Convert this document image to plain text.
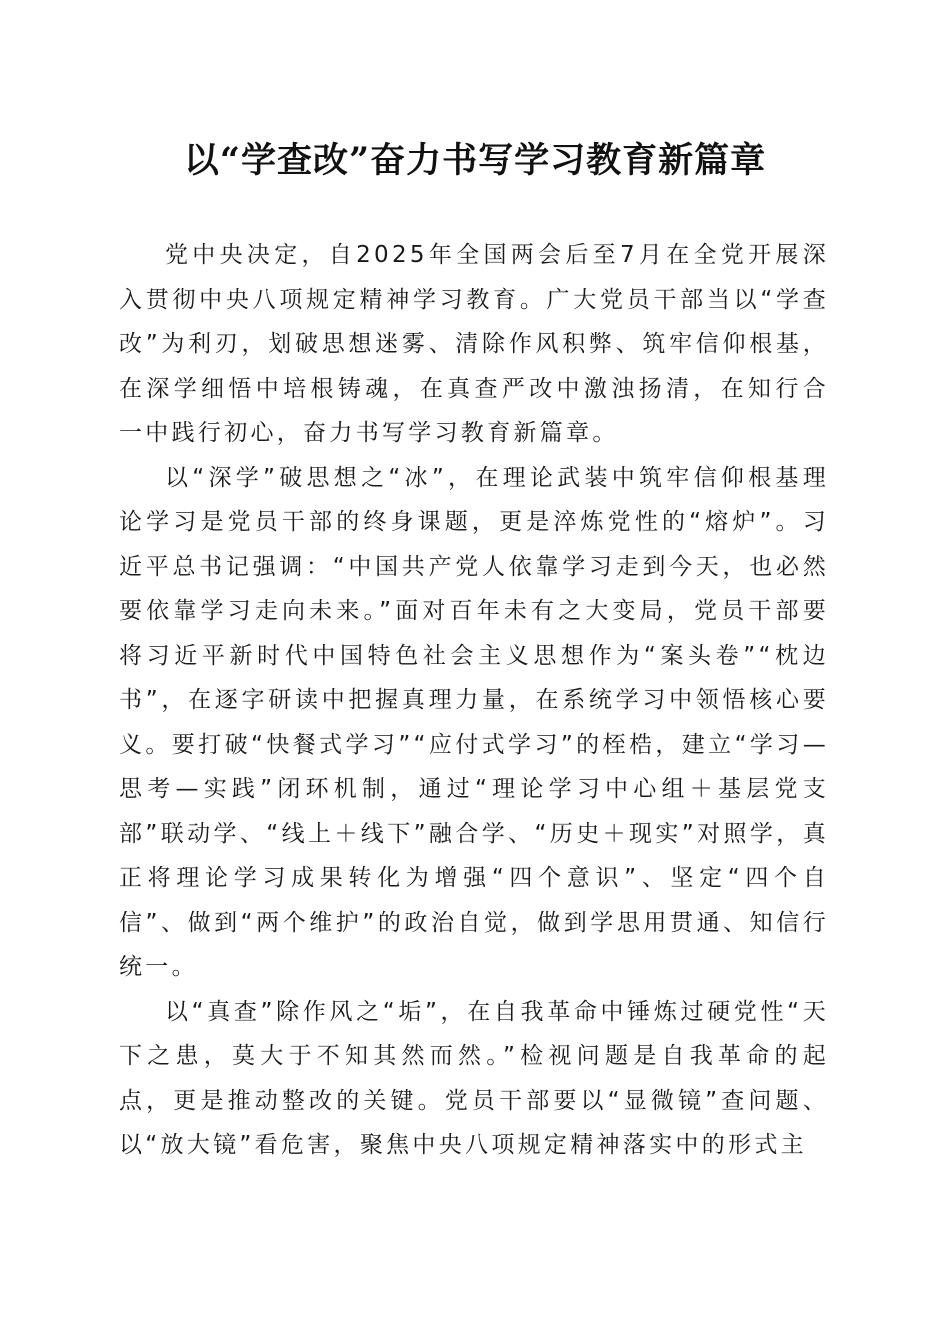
以“学查改”奋力书写学习教育新篇章

党中央决定，自2025年全国两会后至7月在全党开展深入贯彻中央八项规定精神学习教育。广大党员干部当以“学查改”为利刃，划破思想迷雾、清除作风积弊、筑牢信仰根基，在深学细悟中培根铸魂，在真查严改中激浊扬清，在知行合一中践行初心，奋力书写学习教育新篇章。

以“深学”破思想之“冰”，在理论武装中筑牢信仰根基理论学习是党员干部的终身课题，更是淬炼党性的“熔炉”。习近平总书记强调：“中国共产党人依靠学习走到今天，也必然要依靠学习走向未来。”面对百年未有之大变局，党员干部要将习近平新时代中国特色社会主义思想作为“案头卷”“枕边书”，在逐字研读中把握真理力量，在系统学习中领悟核心要义。要打破“快餐式学习”“应付式学习”的桎梏，建立“学习—思考—实践”闭环机制，通过“理论学习中心组＋基层党支部”联动学、“线上＋线下”融合学、“历史＋现实”对照学，真正将理论学习成果转化为增强“四个意识”、坚定“四个自信”、做到“两个维护”的政治自觉，做到学思用贯通、知信行统一。

以“真查”除作风之“垢”，在自我革命中锤炼过硬党性“天下之患，莫大于不知其然而然。”检视问题是自我革命的起点，更是推动整改的关键。党员干部要以“显微镜”查问题、以“放大镜”看危害，聚焦中央八项规定精神落实中的形式主
